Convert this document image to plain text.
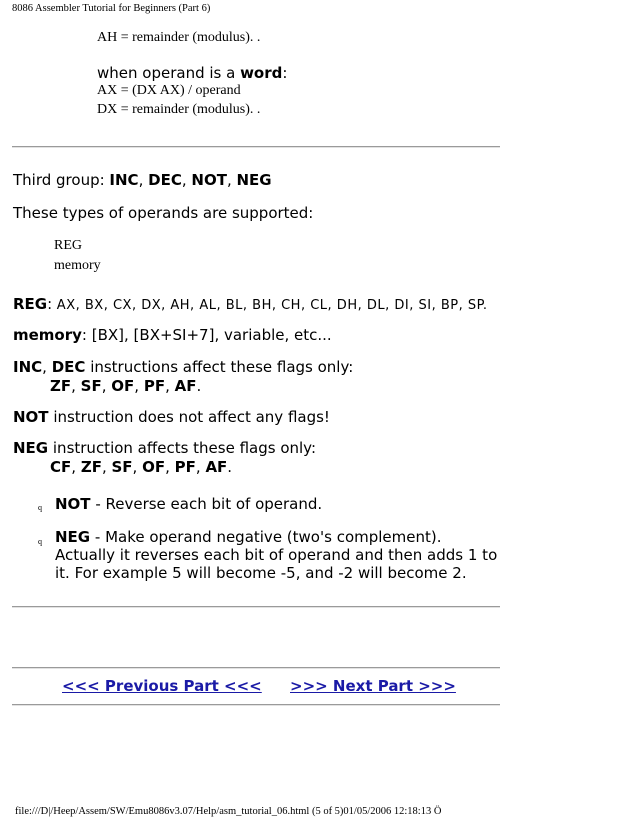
8086 Assembler Tutorial for Beginners (Part 6)
AH = remainder (modulus). .
when operand is a word:
AX = (DX AX) / operand
DX = remainder (modulus). .
Third group: INC, DEC, NOT, NEG
These types of operands are supported:
REG
memory
REG: AX, BX, CX, DX, AH, AL, BL, BH, CH, CL, DH, DL, DI, SI, BP, SP.
memory: [BX], [BX+SI+7], variable, etc...
INC, DEC instructions affect these flags only:
ZF, SF, OF, PF, AF.
NOT instruction does not affect any flags!
NEG instruction affects these flags only:
CF, ZF, SF, OF, PF, AF.
q NOT - Reverse each bit of operand.
q NEG - Make operand negative (two's complement).
Actually it reverses each bit of operand and then adds 1 to
it. For example 5 will become -5, and -2 will become 2.
<<< Previous Part <<< >>> Next Part >>>
file:///D|/Heep/Assem/SW/Emu8086v3.07/Help/asm_tutorial_06.html (5 of 5)01/05/2006 12:18:13 Ö
